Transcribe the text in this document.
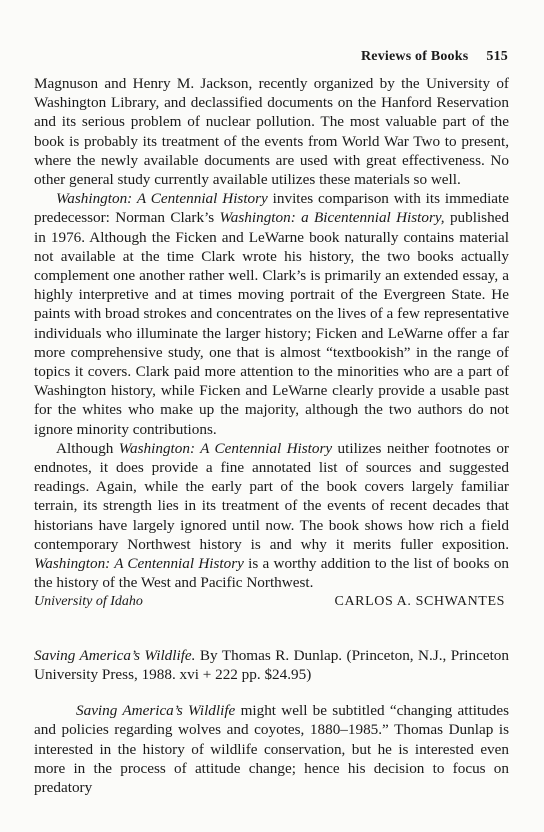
Reviews of Books 515

Magnuson and Henry M. Jackson, recently organized by the University of Washington Library, and declassified documents on the Hanford Reservation and its serious problem of nuclear pollution. The most valuable part of the book is probably its treatment of the events from World War Two to present, where the newly available documents are used with great effectiveness. No other general study currently available utilizes these materials so well.

Washington: A Centennial History invites comparison with its immediate predecessor: Norman Clark’s Washington: a Bicentennial History, published in 1976. Although the Ficken and LeWarne book naturally contains material not available at the time Clark wrote his history, the two books actually complement one another rather well. Clark’s is primarily an extended essay, a highly interpretive and at times moving portrait of the Evergreen State. He paints with broad strokes and concentrates on the lives of a few representative individuals who illuminate the larger history; Ficken and LeWarne offer a far more comprehensive study, one that is almost “textbookish” in the range of topics it covers. Clark paid more attention to the minorities who are a part of Washington history, while Ficken and LeWarne clearly provide a usable past for the whites who make up the majority, although the two authors do not ignore minority contributions.

Although Washington: A Centennial History utilizes neither footnotes or endnotes, it does provide a fine annotated list of sources and suggested readings. Again, while the early part of the book covers largely familiar terrain, its strength lies in its treatment of the events of recent decades that historians have largely ignored until now. The book shows how rich a field contemporary Northwest history is and why it merits fuller exposition. Washington: A Centennial History is a worthy addition to the list of books on the history of the West and Pacific Northwest.

University of Idaho	CARLOS A. SCHWANTES

Saving America’s Wildlife. By Thomas R. Dunlap. (Princeton, N.J., Princeton University Press, 1988. xvi + 222 pp. $24.95)

Saving America’s Wildlife might well be subtitled “changing attitudes and policies regarding wolves and coyotes, 1880–1985.” Thomas Dunlap is interested in the history of wildlife conservation, but he is interested even more in the process of attitude change; hence his decision to focus on predatory
